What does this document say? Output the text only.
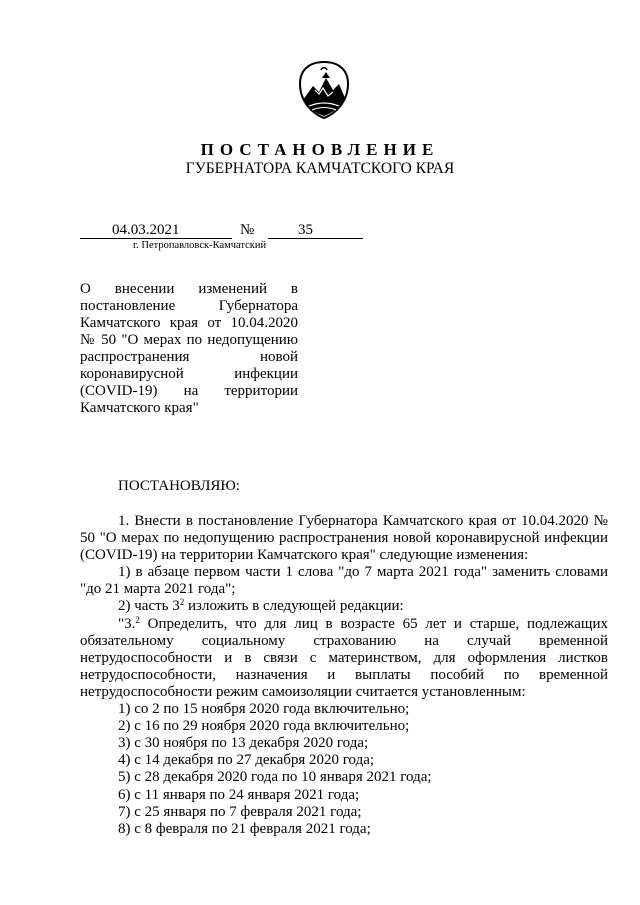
ПОСТАНОВЛЕНИЕ
ГУБЕРНАТОРА КАМЧАТСКОГО КРАЯ
04.03.2021	№	35
г. Петропавловск-Камчатский
О внесении изменений в постановление Губернатора Камчатского края от 10.04.2020 № 50 "О мерах по недопущению распространения новой коронавирусной инфекции (COVID-19) на территории Камчатского края"
ПОСТАНОВЛЯЮ:

1. Внести в постановление Губернатора Камчатского края от 10.04.2020 № 50 "О мерах по недопущению распространения новой коронавирусной инфекции (COVID-19) на территории Камчатского края" следующие изменения:

1) в абзаце первом части 1 слова "до 7 марта 2021 года" заменить словами "до 21 марта 2021 года";

2) часть $3^2$ изложить в следующей редакции:

"3.$^2$ Определить, что для лиц в возрасте 65 лет и старше, подлежащих обязательному социальному страхованию на случай временной нетрудоспособности и в связи с материнством, для оформления листков нетрудоспособности, назначения и выплаты пособий по временной нетрудоспособности режим самоизоляции считается установленным:

1) со 2 по 15 ноября 2020 года включительно;

2) с 16 по 29 ноября 2020 года включительно;

3) с 30 ноября по 13 декабря 2020 года;

4) с 14 декабря по 27 декабря 2020 года;

5) с 28 декабря 2020 года по 10 января 2021 года;

6) с 11 января по 24 января 2021 года;

7) с 25 января по 7 февраля 2021 года;

8) с 8 февраля по 21 февраля 2021 года;
